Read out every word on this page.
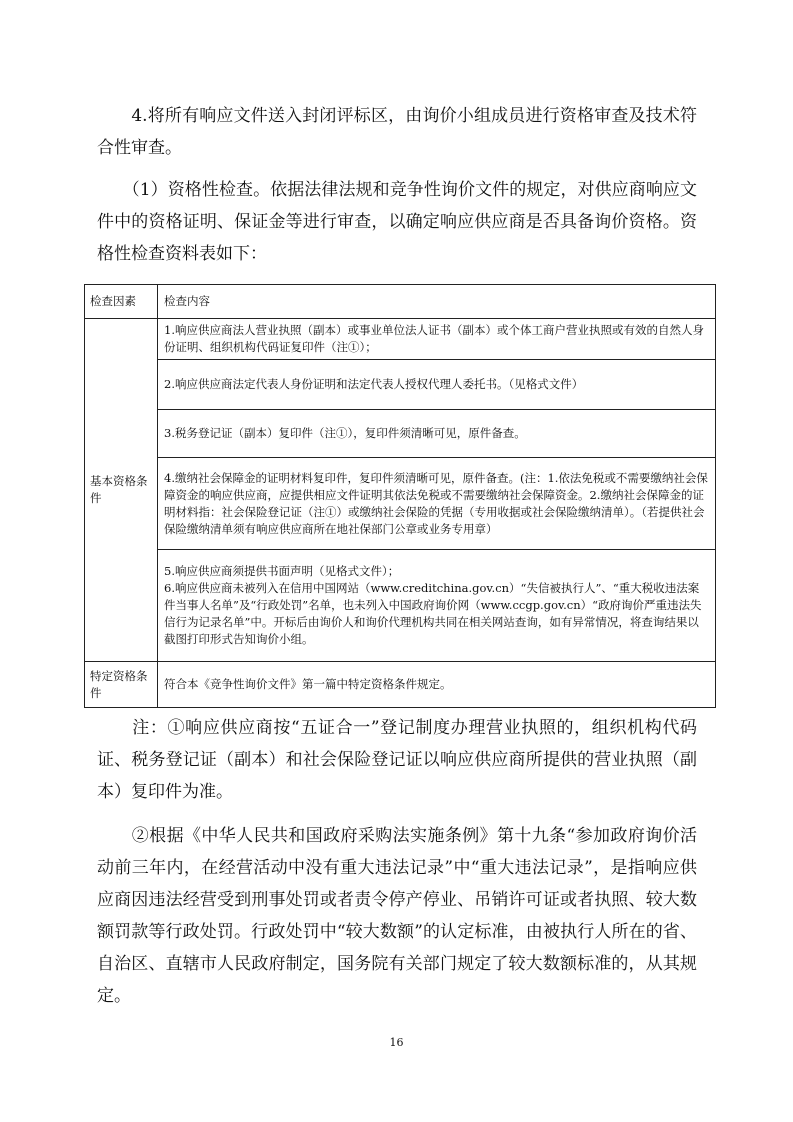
　　4.将所有响应文件送入封闭评标区，由询价小组成员进行资格审查及技术符合性审查。
　　（1）资格性检查。依据法律法规和竞争性询价文件的规定，对供应商响应文件中的资格证明、保证金等进行审查，以确定响应供应商是否具备询价资格。资格性检查资料表如下：
检查因素	检查内容
基本资格条件	1.响应供应商法人营业执照（副本）或事业单位法人证书（副本）或个体工商户营业执照或有效的自然人身份证明、组织机构代码证复印件（注①）；
	2.响应供应商法定代表人身份证明和法定代表人授权代理人委托书。（见格式文件）
	3.税务登记证（副本）复印件（注①），复印件须清晰可见，原件备查。
	4.缴纳社会保障金的证明材料复印件，复印件须清晰可见，原件备查。(注：1.依法免税或不需要缴纳社会保障资金的响应供应商，应提供相应文件证明其依法免税或不需要缴纳社会保障资金。2.缴纳社会保障金的证明材料指：社会保险登记证（注①）或缴纳社会保险的凭据（专用收据或社会保险缴纳清单）。（若提供社会保险缴纳清单须有响应供应商所在地社保部门公章或业务专用章）
	5.响应供应商须提供书面声明（见格式文件）；
6.响应供应商未被列入在信用中国网站（www.creditchina.gov.cn）“失信被执行人”、“重大税收违法案件当事人名单”及“行政处罚”名单，也未列入中国政府询价网（www.ccgp.gov.cn）“政府询价严重违法失信行为记录名单”中。开标后由询价人和询价代理机构共同在相关网站查询，如有异常情况，将查询结果以截图打印形式告知询价小组。
特定资格条件	符合本《竞争性询价文件》第一篇中特定资格条件规定。
　　注：①响应供应商按“五证合一”登记制度办理营业执照的，组织机构代码证、税务登记证（副本）和社会保险登记证以响应供应商所提供的营业执照（副本）复印件为准。
　　②根据《中华人民共和国政府采购法实施条例》第十九条“参加政府询价活动前三年内，在经营活动中没有重大违法记录”中“重大违法记录”，是指响应供应商因违法经营受到刑事处罚或者责令停产停业、吊销许可证或者执照、较大数额罚款等行政处罚。行政处罚中“较大数额”的认定标准，由被执行人所在的省、自治区、直辖市人民政府制定，国务院有关部门规定了较大数额标准的，从其规定。
16
